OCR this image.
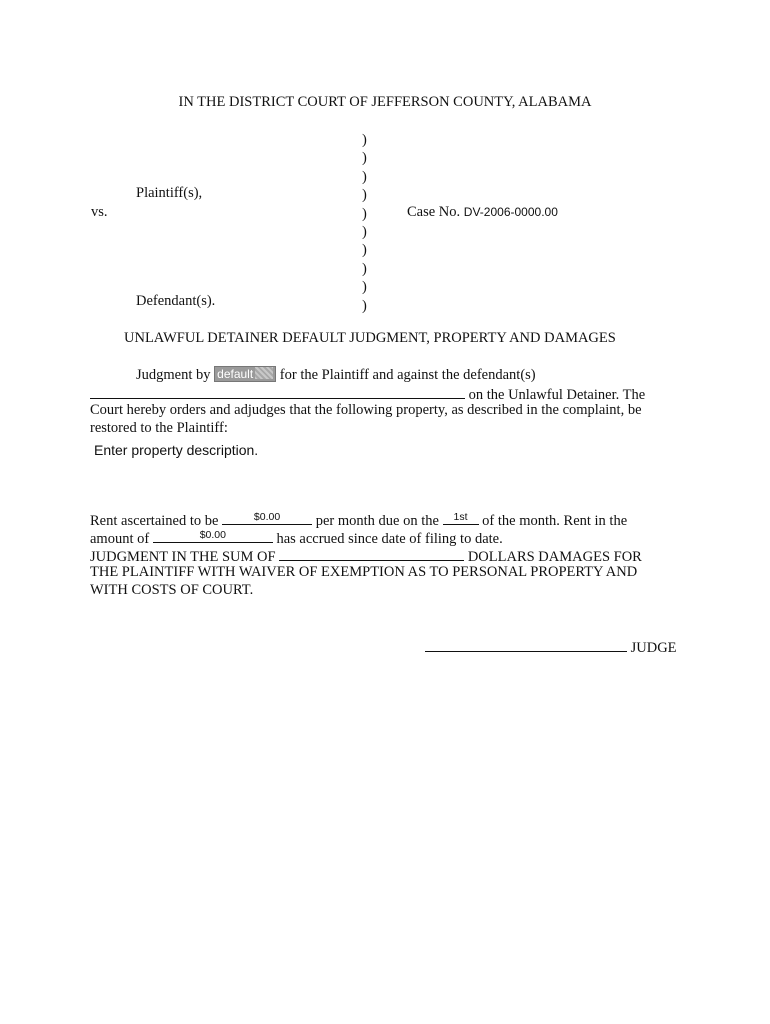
IN THE DISTRICT COURT OF JEFFERSON COUNTY, ALABAMA
Plaintiff(s),
vs.
Defendant(s).
)
)
)
)
)
)
)
)
)
)
Case No. DV-2006-0000.00
UNLAWFUL DETAINER DEFAULT JUDGMENT, PROPERTY AND DAMAGES
Judgment by default for the Plaintiff and against the defendant(s)
on the Unlawful Detainer. The
Court hereby orders and adjudges that the following property, as described in the complaint, be
restored to the Plaintiff:
Enter property description.
Rent ascertained to be	$0.00	per month due on the	1st	of the month. Rent in the
amount of	$0.00	has accrued since date of filing to date.
JUDGMENT IN THE SUM OF	DOLLARS DAMAGES FOR
THE PLAINTIFF WITH WAIVER OF EXEMPTION AS TO PERSONAL PROPERTY AND
WITH COSTS OF COURT.
JUDGE
